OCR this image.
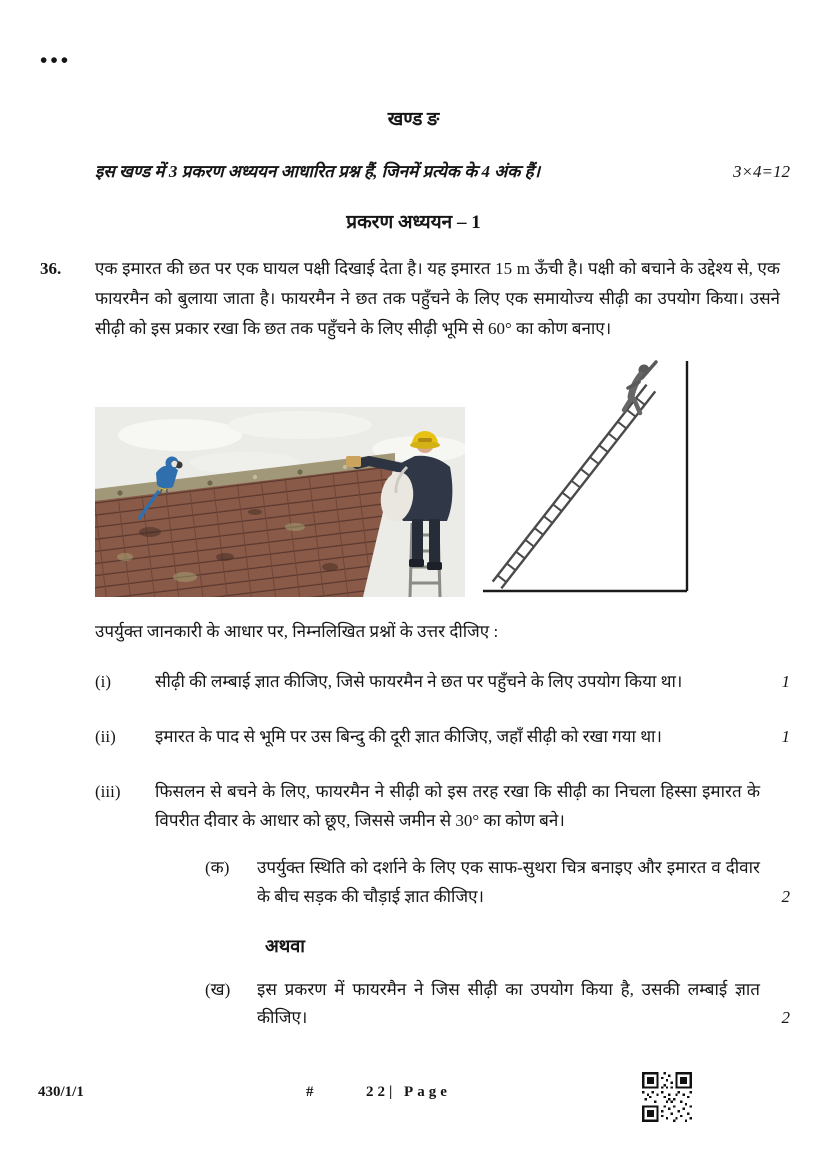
•••
खण्ड ङ
इस खण्ड में 3 प्रकरण अध्ययन आधारित प्रश्न हैं, जिनमें प्रत्येक के 4 अंक हैं।	3×4=12
प्रकरण अध्ययन – 1
36.	एक इमारत की छत पर एक घायल पक्षी दिखाई देता है। यह इमारत 15 m ऊँची है। पक्षी को बचाने के उद्देश्य से, एक फायरमैन को बुलाया जाता है। फायरमैन ने छत तक पहुँचने के लिए एक समायोज्य सीढ़ी का उपयोग किया। उसने सीढ़ी को इस प्रकार रखा कि छत तक पहुँचने के लिए सीढ़ी भूमि से 60° का कोण बनाए।
उपर्युक्त जानकारी के आधार पर, निम्नलिखित प्रश्नों के उत्तर दीजिए :
(i)	सीढ़ी की लम्बाई ज्ञात कीजिए, जिसे फायरमैन ने छत पर पहुँचने के लिए उपयोग किया था।	1
(ii)	इमारत के पाद से भूमि पर उस बिन्दु की दूरी ज्ञात कीजिए, जहाँ सीढ़ी को रखा गया था।	1
(iii)	फिसलन से बचने के लिए, फायरमैन ने सीढ़ी को इस तरह रखा कि सीढ़ी का निचला हिस्सा इमारत के विपरीत दीवार के आधार को छूए, जिससे जमीन से 30° का कोण बने।
(क)	उपर्युक्त स्थिति को दर्शाने के लिए एक साफ-सुथरा चित्र बनाइए और इमारत व दीवार के बीच सड़क की चौड़ाई ज्ञात कीजिए।	2
अथवा
(ख)	इस प्रकरण में फायरमैन ने जिस सीढ़ी का उपयोग किया है, उसकी लम्बाई ज्ञात कीजिए।	2
430/1/1	#	22| Page
